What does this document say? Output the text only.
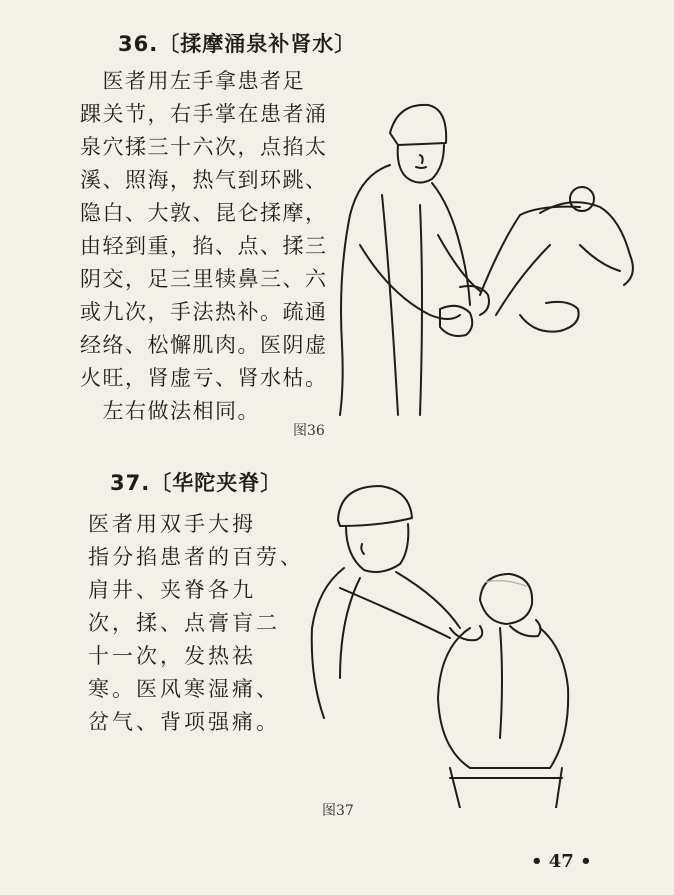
36.〔揉摩涌泉补肾水〕
　医者用左手拿患者足
踝关节，右手掌在患者涌
泉穴揉三十六次，点掐太
溪、照海，热气到环跳、
隐白、大敦、昆仑揉摩，
由轻到重，掐、点、揉三
阴交，足三里犊鼻三、六
或九次，手法热补。疏通
经络、松懈肌肉。医阴虚
火旺，肾虚亏、肾水枯。
　左右做法相同。
图36
37.〔华陀夹脊〕
医者用双手大拇
指分掐患者的百劳、
肩井、夹脊各九
次，揉、点膏肓二
十一次，发热祛
寒。医风寒湿痛、
岔气、背项强痛。
图37
• 47 •
